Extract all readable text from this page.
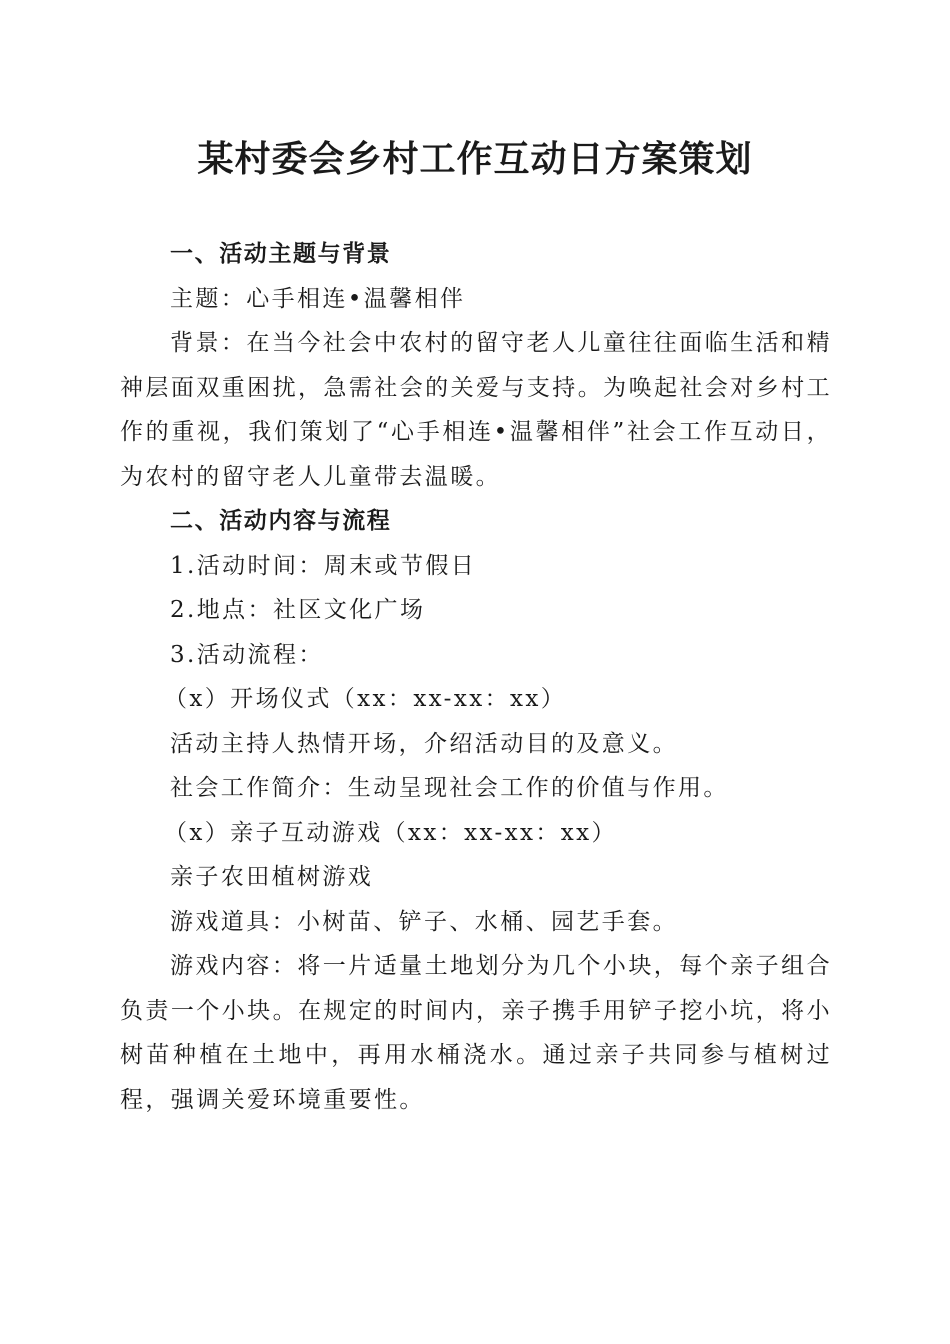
某村委会乡村工作互动日方案策划

一、活动主题与背景

主题：心手相连•温馨相伴

背景：在当今社会中农村的留守老人儿童往往面临生活和精神层面双重困扰，急需社会的关爱与支持。为唤起社会对乡村工作的重视，我们策划了“心手相连•温馨相伴”社会工作互动日，为农村的留守老人儿童带去温暖。

二、活动内容与流程

1.活动时间：周末或节假日

2.地点：社区文化广场

3.活动流程：

（x）开场仪式（xx：xx-xx：xx）

活动主持人热情开场，介绍活动目的及意义。

社会工作简介：生动呈现社会工作的价值与作用。

（x）亲子互动游戏（xx：xx-xx：xx）

亲子农田植树游戏

游戏道具：小树苗、铲子、水桶、园艺手套。

游戏内容：将一片适量土地划分为几个小块，每个亲子组合负责一个小块。在规定的时间内，亲子携手用铲子挖小坑，将小树苗种植在土地中，再用水桶浇水。通过亲子共同参与植树过程，强调关爱环境重要性。
